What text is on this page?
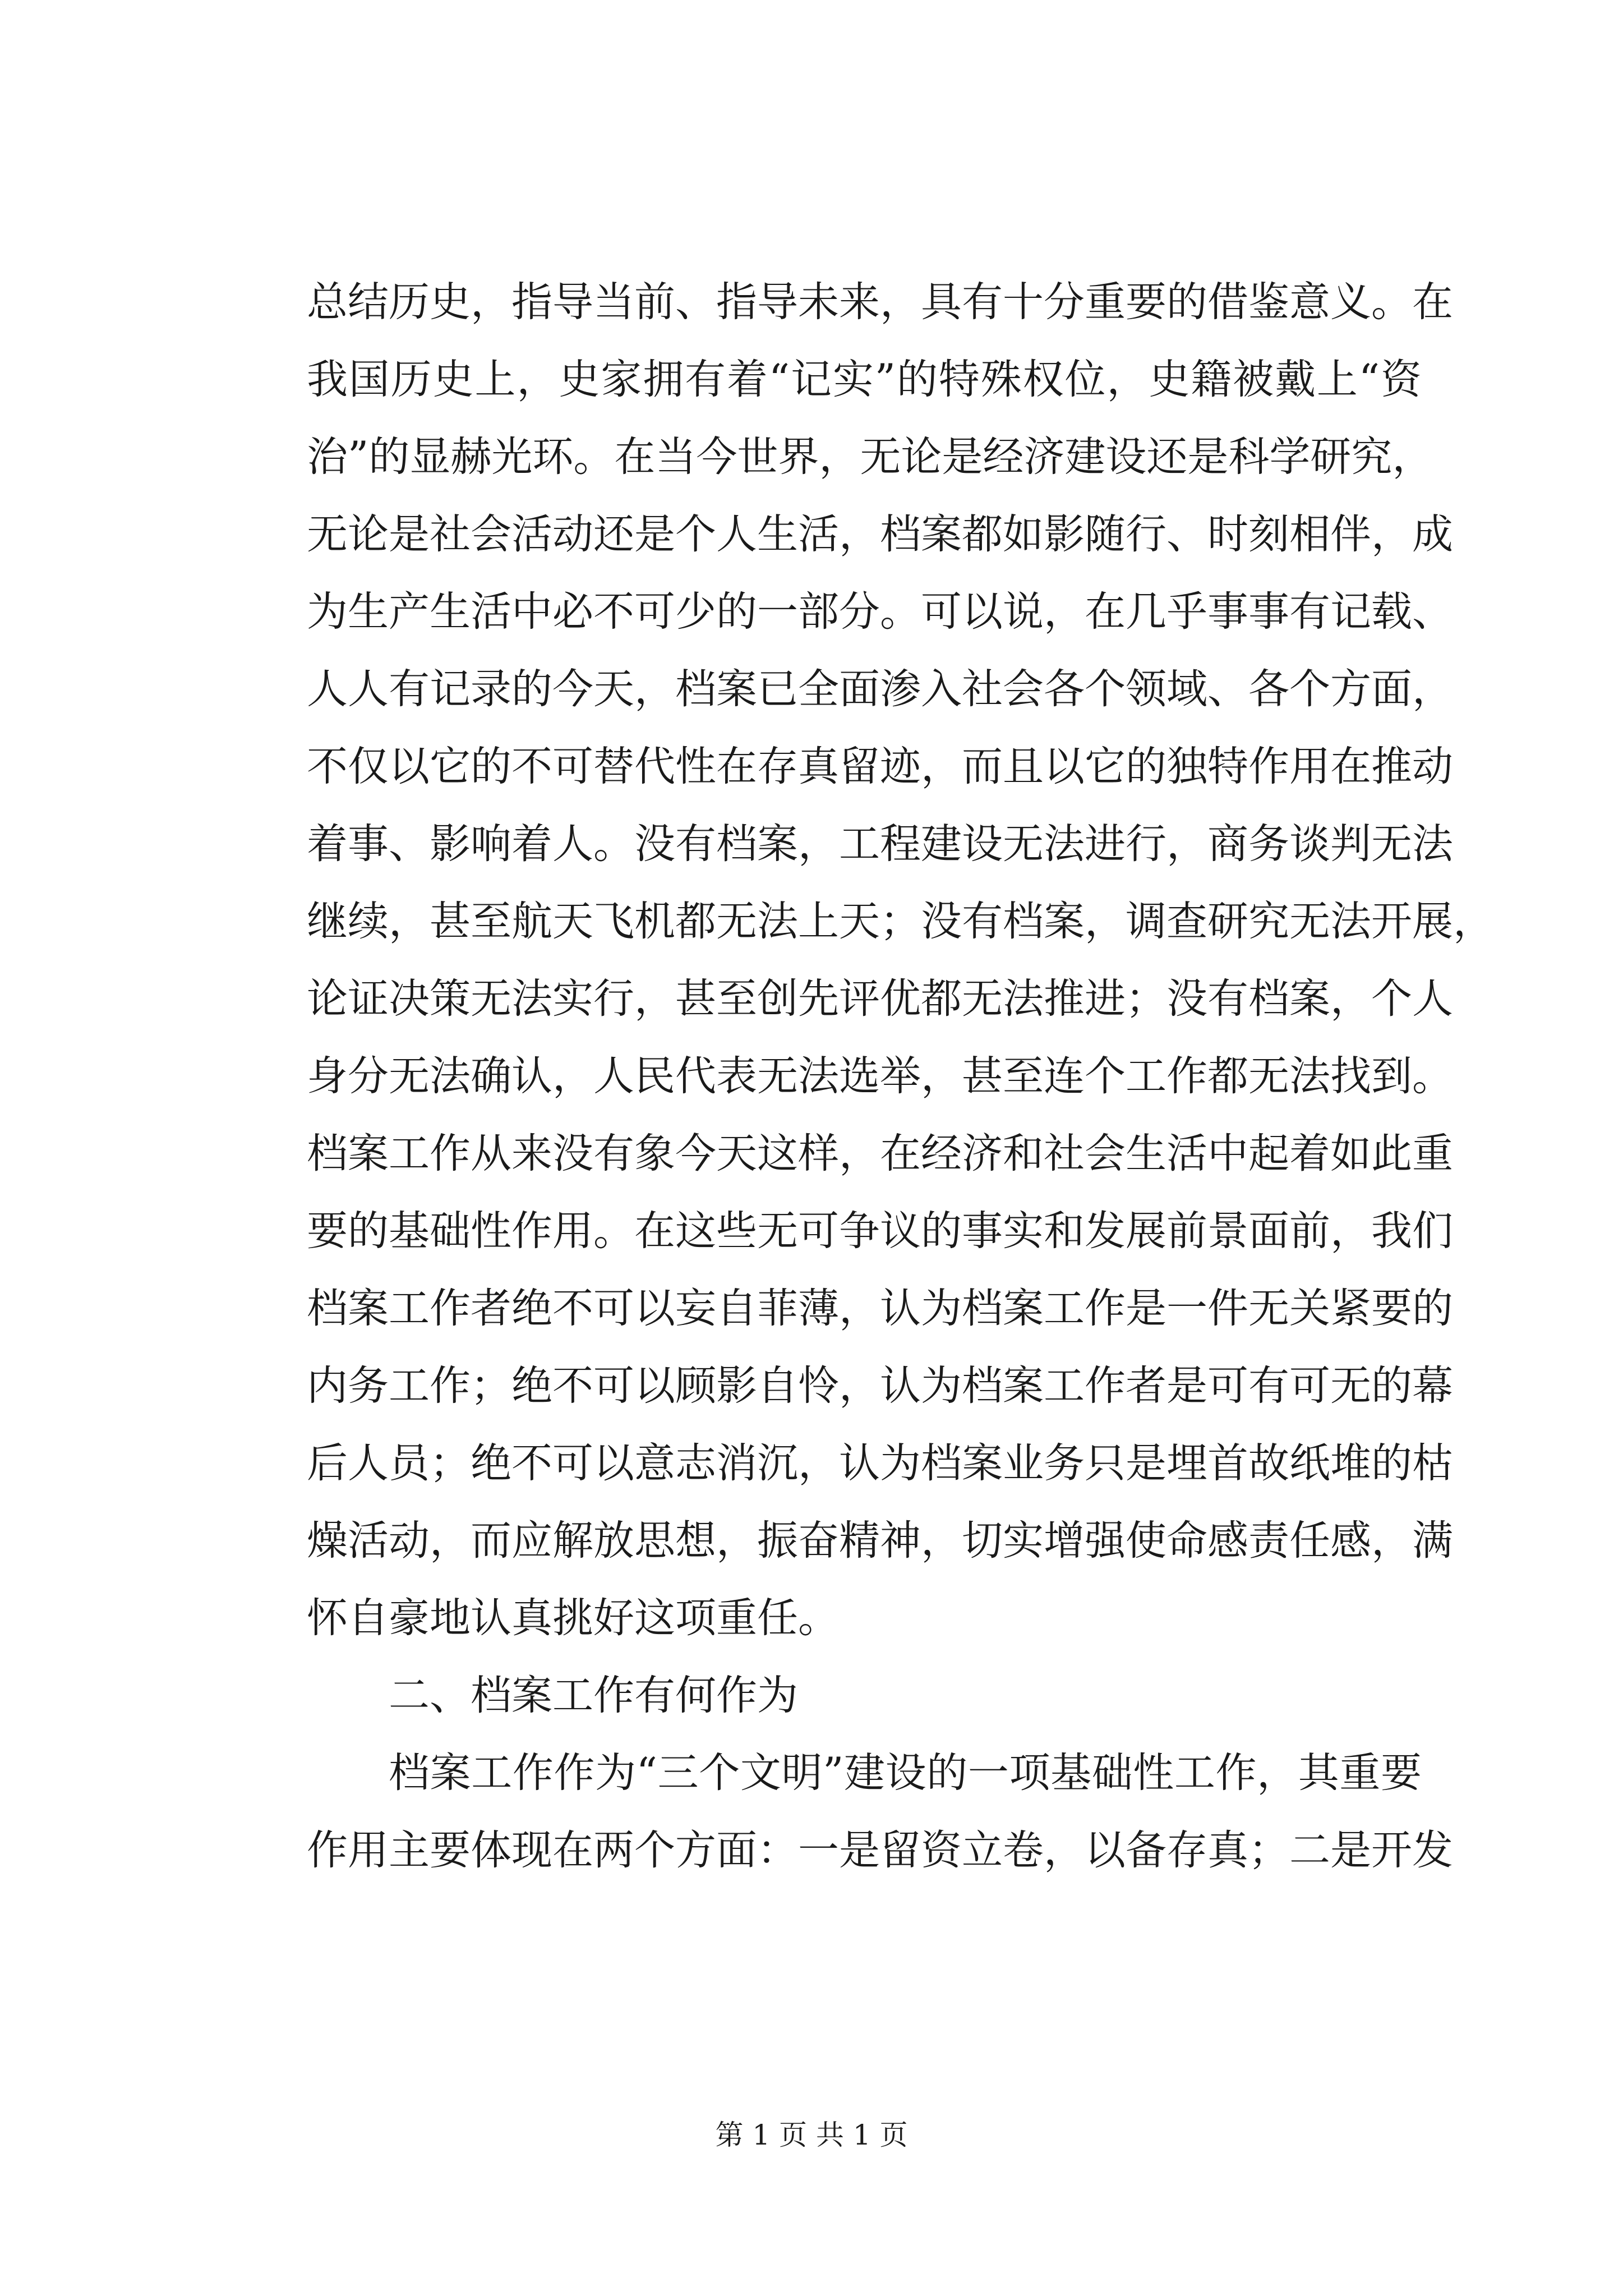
总结历史，指导当前、指导未来，具有十分重要的借鉴意义。在
我国历史上，史家拥有着“记实”的特殊权位，史籍被戴上“资
治”的显赫光环。在当今世界，无论是经济建设还是科学研究，
无论是社会活动还是个人生活，档案都如影随行、时刻相伴，成
为生产生活中必不可少的一部分。可以说，在几乎事事有记载、
人人有记录的今天，档案已全面渗入社会各个领域、各个方面，
不仅以它的不可替代性在存真留迹，而且以它的独特作用在推动
着事、影响着人。没有档案，工程建设无法进行，商务谈判无法
继续，甚至航天飞机都无法上天；没有档案，调查研究无法开展，
论证决策无法实行，甚至创先评优都无法推进；没有档案，个人
身分无法确认，人民代表无法选举，甚至连个工作都无法找到。
档案工作从来没有象今天这样，在经济和社会生活中起着如此重
要的基础性作用。在这些无可争议的事实和发展前景面前，我们
档案工作者绝不可以妄自菲薄，认为档案工作是一件无关紧要的
内务工作；绝不可以顾影自怜，认为档案工作者是可有可无的幕
后人员；绝不可以意志消沉，认为档案业务只是埋首故纸堆的枯
燥活动，而应解放思想，振奋精神，切实增强使命感责任感，满
怀自豪地认真挑好这项重任。
二、档案工作有何作为
档案工作作为“三个文明”建设的一项基础性工作，其重要
作用主要体现在两个方面：一是留资立卷，以备存真；二是开发
第 1 页 共 1 页
